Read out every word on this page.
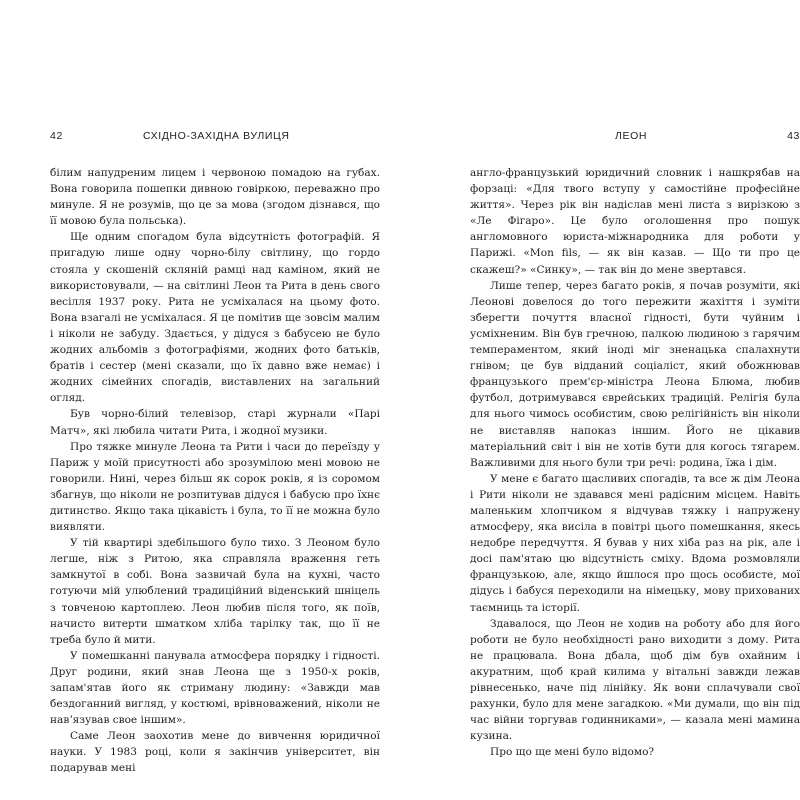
42	СХІДНО-ЗАХІДНА ВУЛИЦЯ

білим напудреним лицем і червоною помадою на губах. Вона говорила пошепки дивною говіркою, переважно про минуле. Я не розумів, що це за мова (згодом дізнався, що її мовою була польська).

Ще одним спогадом була відсутність фотографій. Я пригадую лише одну чорно-білу світлину, що гордо стояла у скошеній скляній рамці над каміном, який не використовували, — на світлині Леон та Рита в день свого весілля 1937 року. Рита не усміхалася на цьому фото. Вона взагалі не усміхалася. Я це помітив ще зовсім малим і ніколи не забуду. Здається, у дідуся з бабусею не було жодних альбомів з фотографіями, жодних фото батьків, братів і сестер (мені сказали, що їх давно вже немає) і жодних сімейних спогадів, виставлених на загальний огляд.

Був чорно-білий телевізор, старі журнали «Парі Матч», які любила читати Рита, і жодної музики.

Про тяжке минуле Леона та Рити і часи до переїзду у Париж у моїй присутності або зрозумілою мені мовою не говорили. Нині, через більш як сорок років, я із соромом збагнув, що ніколи не розпитував дідуся і бабусю про їхнє дитинство. Якщо така цікавість і була, то її не можна було виявляти.

У тій квартирі здебільшого було тихо. З Леоном було легше, ніж з Ритою, яка справляла враження геть замкнутої в собі. Вона зазвичай була на кухні, часто готуючи мій улюблений традиційний віденський шніцель з товченою картоплею. Леон любив після того, як поїв, начисто витерти шматком хліба тарілку так, що її не треба було й мити.

У помешканні панувала атмосфера порядку і гідності. Друг родини, який знав Леона ще з 1950-х років, запам'ятав його як стриману людину: «Завжди мав бездоганний вигляд, у костюмі, врівноважений, ніколи не навʼязував свое іншим».

Саме Леон заохотив мене до вивчення юридичної науки. У 1983 році, коли я закінчив університет, він подарував мені

ЛЕОН	43

англо-французький юридичний словник і нашкрябав на форзаці: «Для твого вступу у самостійне професійне життя». Через рік він надіслав мені листа з вирізкою з «Ле Фігаро». Це було оголошення про пошук англомовного юриста-міжнародника для роботи у Парижі. «Mon fils, — як він казав. — Що ти про це скажеш?» «Синку», — так він до мене звертався.

Лише тепер, через багато років, я почав розуміти, які Леонові довелося до того пережити жахіття і зуміти зберегти почуття власної гідності, бути чуйним і усміхненим. Він був гречною, палкою людиною з гарячим темпераментом, який іноді міг зненацька спалахнути гнівом; це був відданий соціаліст, який обожнював французького прем'єр-міністра Леона Блюма, любив футбол, дотримувався єврейських традицій. Релігія була для нього чимось особистим, свою релігійність він ніколи не виставляв напоказ іншим. Його не цікавив матеріальний світ і він не хотів бути для когось тягарем. Важливими для нього були три речі: родина, їжа і дім.

У мене є багато щасливих спогадів, та все ж дім Леона і Рити ніколи не здавався мені радісним місцем. Навіть маленьким хлопчиком я відчував тяжку і напружену атмосферу, яка висіла в повітрі цього помешкання, якесь недобре передчуття. Я бував у них хіба раз на рік, але і досі пам'ятаю цю відсутність сміху. Вдома розмовляли французькою, але, якщо йшлося про щось особисте, мої дідусь і бабуся переходили на німецьку, мову прихованих таємниць та історії.

Здавалося, що Леон не ходив на роботу або для його роботи не було необхідності рано виходити з дому. Рита не працювала. Вона дбала, щоб дім був охайним і акуратним, щоб край килима у вітальні завжди лежав рівнесенько, наче під лінійку. Як вони сплачували свої рахунки, було для мене загадкою. «Ми думали, що він під час війни торгував годинниками», — казала мені мамина кузина.

Про що ще мені було відомо?
